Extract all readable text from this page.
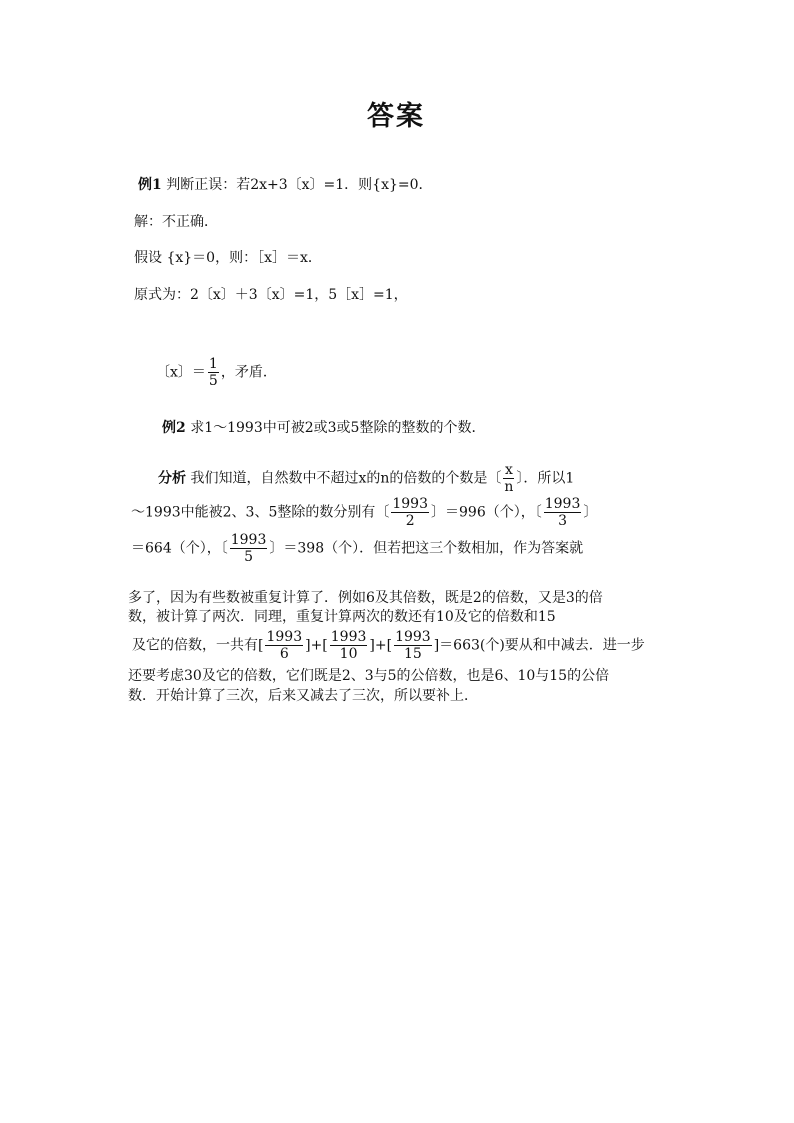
答案
例1 判断正误：若2x+3〔x〕=1．则{x}=0．
解：不正确．
假设 {x}＝0，则：［x］＝x．
原式为：2〔x〕＋3〔x〕=1，5［x］=1，
〔x〕＝ $\frac{1}{5}$ ，矛盾．
例2 求1～1993中可被2或3或5整除的整数的个数．
分析 我们知道，自然数中不超过x的n的倍数的个数是〔 $\frac{x}{n}$ 〕．所以1
～1993中能被2、3、5整除的数分别有〔 $\frac{1993}{2}$ 〕＝996（个），〔 $\frac{1993}{3}$ 〕
＝664（个），〔 $\frac{1993}{5}$ 〕＝398（个）．但若把这三个数相加，作为答案就
多了，因为有些数被重复计算了．例如6及其倍数，既是2的倍数，又是3的倍
数，被计算了两次．同理，重复计算两次的数还有10及它的倍数和15
及它的倍数，一共有[ $\frac{1993}{6}$ ]+[ $\frac{1993}{10}$ ]+[ $\frac{1993}{15} ]=663$(个)要从和中减去．进一步
还要考虑30及它的倍数，它们既是2、3与5的公倍数，也是6、10与15的公倍
数．开始计算了三次，后来又减去了三次，所以要补上．
